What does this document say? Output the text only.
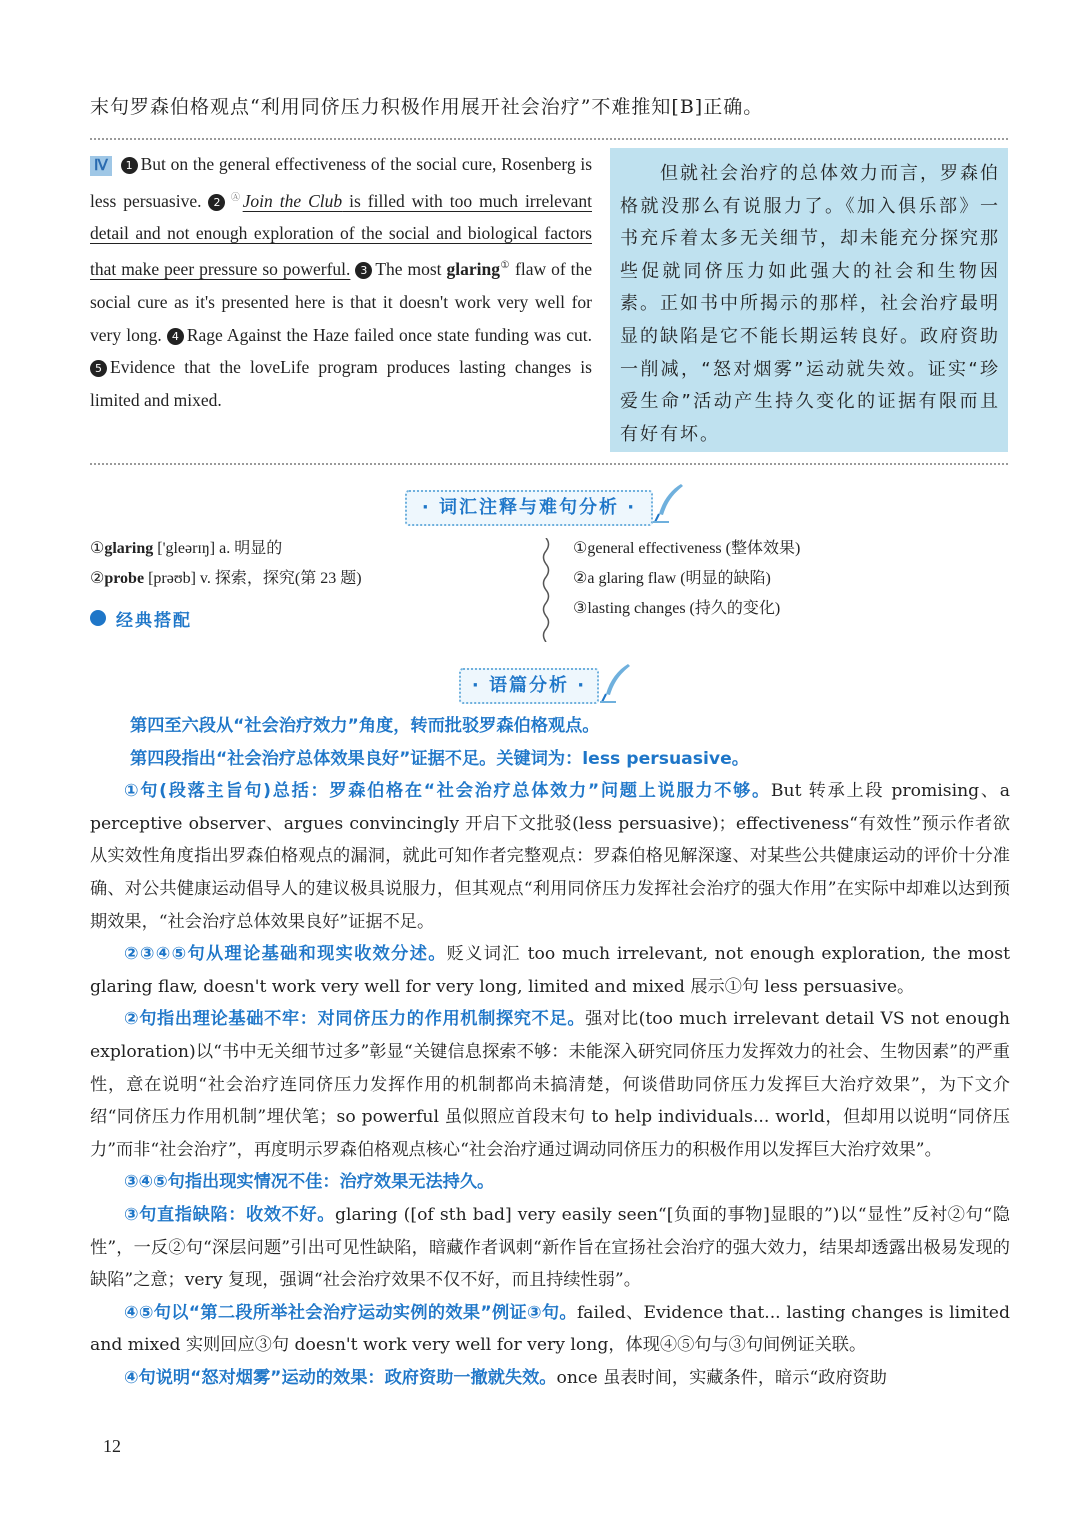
末句罗森伯格观点“利用同侪压力积极作用展开社会治疗”不难推知[B]正确。
Ⅳ 1 But on the general effectiveness of the social cure, Rosenberg is less persuasive. 2 ⒶJoin the Club is filled with too much irrelevant detail and not enough exploration of the social and biological factors that make peer pressure so powerful. 3 The most glaring① flaw of the social cure as it's presented here is that it doesn't work very well for very long. 4 Rage Against the Haze failed once state funding was cut. 5 Evidence that the loveLife program produces lasting changes is limited and mixed.
但就社会治疗的总体效力而言，罗森伯格就没那么有说服力了。《加入俱乐部》一书充斥着太多无关细节，却未能充分探究那些促就同侪压力如此强大的社会和生物因素。正如书中所揭示的那样，社会治疗最明显的缺陷是它不能长期运转良好。政府资助一削减，“怒对烟雾”运动就失效。证实“珍爱生命”活动产生持久变化的证据有限而且有好有坏。
· 词汇注释与难句分析 ·
①glaring ['gleərɪŋ] a. 明显的
②probe [prəʊb] v. 探索，探究(第 23 题)
经典搭配
①general effectiveness (整体效果)
②a glaring flaw (明显的缺陷)
③lasting changes (持久的变化)
· 语篇分析 ·
第四至六段从“社会治疗效力”角度，转而批驳罗森伯格观点。
第四段指出“社会治疗总体效果良好”证据不足。关键词为：less persuasive。
①句(段落主旨句)总括：罗森伯格在“社会治疗总体效力”问题上说服力不够。But 转承上段 promising、a perceptive observer、argues convincingly 开启下文批驳(less persuasive)；effectiveness“有效性”预示作者欲从实效性角度指出罗森伯格观点的漏洞，就此可知作者完整观点：罗森伯格见解深邃、对某些公共健康运动的评价十分准确、对公共健康运动倡导人的建议极具说服力，但其观点“利用同侪压力发挥社会治疗的强大作用”在实际中却难以达到预期效果，“社会治疗总体效果良好”证据不足。
②③④⑤句从理论基础和现实收效分述。贬义词汇 too much irrelevant, not enough exploration, the most glaring flaw, doesn't work very well for very long, limited and mixed 展示①句 less persuasive。
②句指出理论基础不牢：对同侪压力的作用机制探究不足。强对比(too much irrelevant detail VS not enough exploration)以“书中无关细节过多”彰显“关键信息探索不够：未能深入研究同侪压力发挥效力的社会、生物因素”的严重性，意在说明“社会治疗连同侪压力发挥作用的机制都尚未搞清楚，何谈借助同侪压力发挥巨大治疗效果”，为下文介绍“同侪压力作用机制”埋伏笔；so powerful 虽似照应首段末句 to help individuals... world，但却用以说明“同侪压力”而非“社会治疗”，再度明示罗森伯格观点核心“社会治疗通过调动同侪压力的积极作用以发挥巨大治疗效果”。
③④⑤句指出现实情况不佳：治疗效果无法持久。
③句直指缺陷：收效不好。glaring ([of sth bad] very easily seen“[负面的事物]显眼的”)以“显性”反衬②句“隐性”，一反②句“深层问题”引出可见性缺陷，暗藏作者讽刺“新作旨在宣扬社会治疗的强大效力，结果却透露出极易发现的缺陷”之意；very 复现，强调“社会治疗效果不仅不好，而且持续性弱”。
④⑤句以“第二段所举社会治疗运动实例的效果”例证③句。failed、Evidence that... lasting changes is limited and mixed 实则回应③句 doesn't work very well for very long，体现④⑤句与③句间例证关联。
④句说明“怒对烟雾”运动的效果：政府资助一撤就失效。once 虽表时间，实藏条件，暗示“政府资助
12
